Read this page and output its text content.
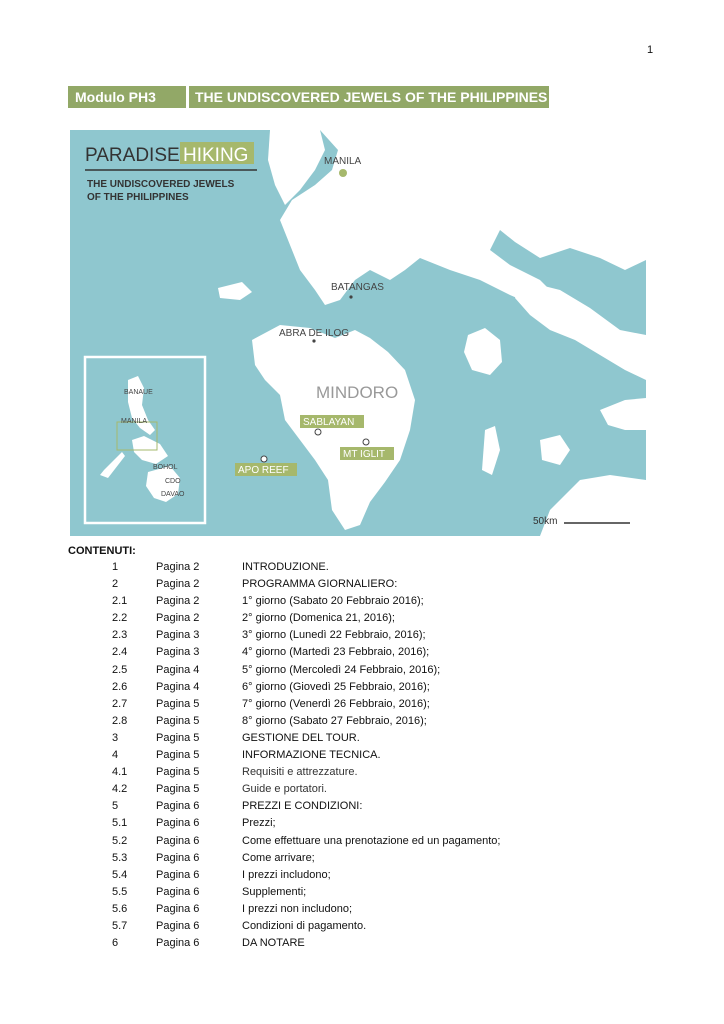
1
Modulo PH3	THE UNDISCOVERED JEWELS OF THE PHILIPPINES
PARADISE HIKING
THE UNDISCOVERED JEWELS
OF THE PHILIPPINES
MANILA
BATANGAS
ABRA DE ILOG
MINDORO
SABLAYAN
MT IGLIT
APO REEF
BANAUE
MANILA
BOHOL
CDO
DAVAO
50km
CONTENUTI:
1	Pagina 2	INTRODUZIONE.
2	Pagina 2	PROGRAMMA GIORNALIERO:
2.1	Pagina 2	1° giorno (Sabato 20 Febbraio 2016);
2.2	Pagina 2	2° giorno (Domenica 21, 2016);
2.3	Pagina 3	3° giorno (Lunedì 22 Febbraio, 2016);
2.4	Pagina 3	4° giorno (Martedì 23 Febbraio, 2016);
2.5	Pagina 4	5° giorno (Mercoledì 24 Febbraio, 2016);
2.6	Pagina 4	6° giorno (Giovedì 25 Febbraio, 2016);
2.7	Pagina 5	7° giorno (Venerdì 26 Febbraio, 2016);
2.8	Pagina 5	8° giorno (Sabato 27 Febbraio, 2016);
3	Pagina 5	GESTIONE DEL TOUR.
4	Pagina 5	INFORMAZIONE TECNICA.
4.1	Pagina 5	Requisiti e attrezzature.
4.2	Pagina 5	Guide e portatori.
5	Pagina 6	PREZZI E CONDIZIONI:
5.1	Pagina 6	Prezzi;
5.2	Pagina 6	Come effettuare una prenotazione ed un pagamento;
5.3	Pagina 6	Come arrivare;
5.4	Pagina 6	I prezzi includono;
5.5	Pagina 6	Supplementi;
5.6	Pagina 6	I prezzi non includono;
5.7	Pagina 6	Condizioni di pagamento.
6	Pagina 6	DA NOTARE
